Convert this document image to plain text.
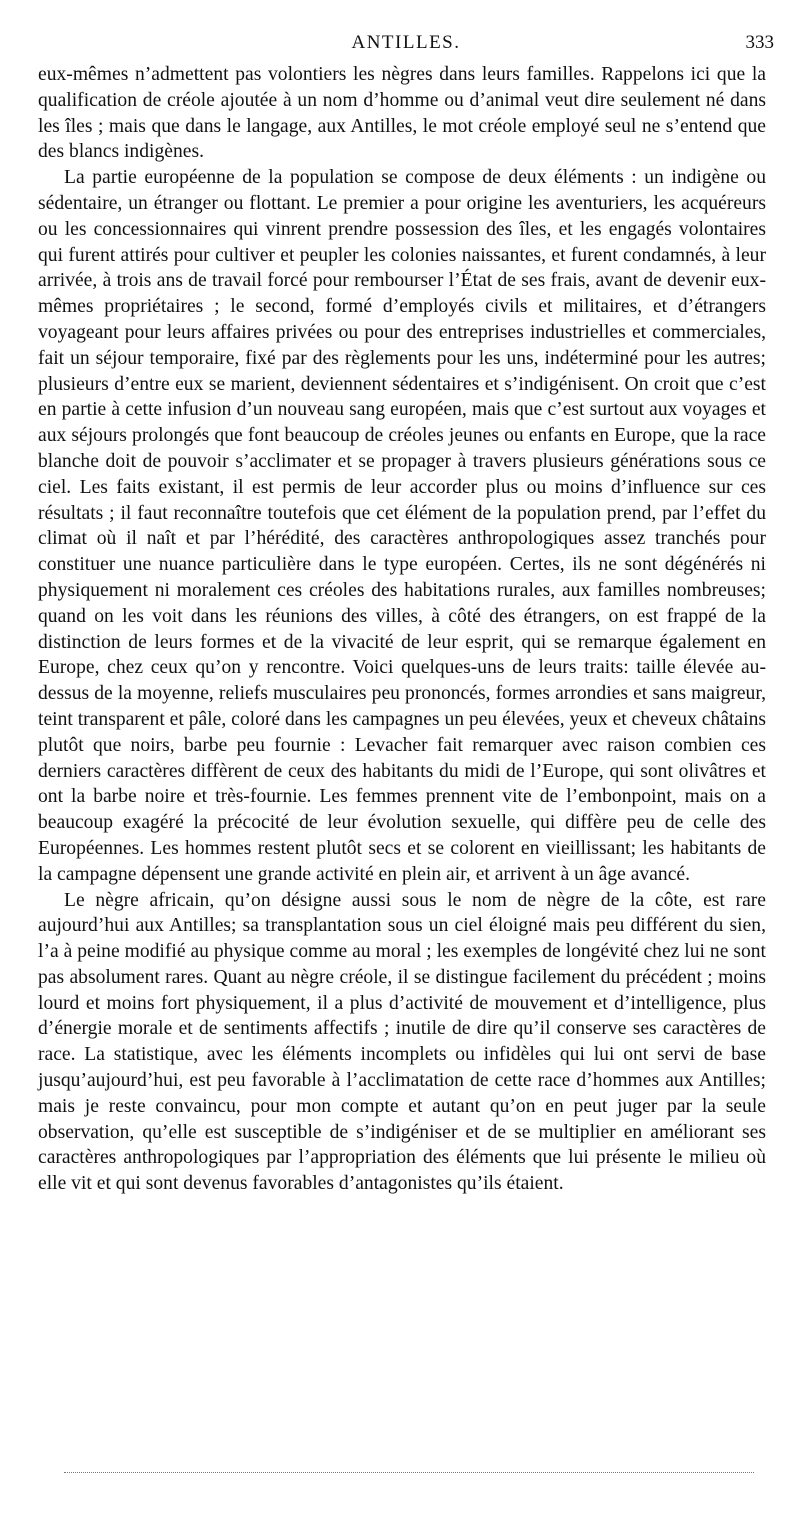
ANTILLES.	333

eux-mêmes n’admettent pas volontiers les nègres dans leurs familles. Rappelons ici que la qualification de créole ajoutée à un nom d’homme ou d’animal veut dire seulement né dans les îles ; mais que dans le langage, aux Antilles, le mot créole employé seul ne s’entend que des blancs indigènes.

La partie européenne de la population se compose de deux éléments : un indigène ou sédentaire, un étranger ou flottant. Le premier a pour origine les aventuriers, les acquéreurs ou les concessionnaires qui vinrent prendre possession des îles, et les engagés volontaires qui furent attirés pour cultiver et peupler les colonies naissantes, et furent condamnés, à leur arrivée, à trois ans de travail forcé pour rembourser l’État de ses frais, avant de devenir eux-mêmes propriétaires ; le second, formé d’employés civils et militaires, et d’étrangers voyageant pour leurs affaires privées ou pour des entreprises industrielles et commerciales, fait un séjour temporaire, fixé par des règlements pour les uns, indéterminé pour les autres; plusieurs d’entre eux se marient, deviennent sédentaires et s’indigénisent. On croit que c’est en partie à cette infusion d’un nouveau sang européen, mais que c’est surtout aux voyages et aux séjours prolongés que font beaucoup de créoles jeunes ou enfants en Europe, que la race blanche doit de pouvoir s’acclimater et se propager à travers plusieurs générations sous ce ciel. Les faits existant, il est permis de leur accorder plus ou moins d’influence sur ces résultats ; il faut reconnaître toutefois que cet élément de la population prend, par l’effet du climat où il naît et par l’hérédité, des caractères anthropologiques assez tranchés pour constituer une nuance particulière dans le type européen. Certes, ils ne sont dégénérés ni physiquement ni moralement ces créoles des habitations rurales, aux familles nombreuses; quand on les voit dans les réunions des villes, à côté des étrangers, on est frappé de la distinction de leurs formes et de la vivacité de leur esprit, qui se remarque également en Europe, chez ceux qu’on y rencontre. Voici quelques-uns de leurs traits: taille élevée au-dessus de la moyenne, reliefs musculaires peu prononcés, formes arrondies et sans maigreur, teint transparent et pâle, coloré dans les campagnes un peu élevées, yeux et cheveux châtains plutôt que noirs, barbe peu fournie : Levacher fait remarquer avec raison combien ces derniers caractères diffèrent de ceux des habitants du midi de l’Europe, qui sont olivâtres et ont la barbe noire et très-fournie. Les femmes prennent vite de l’embonpoint, mais on a beaucoup exagéré la précocité de leur évolution sexuelle, qui diffère peu de celle des Européennes. Les hommes restent plutôt secs et se colorent en vieillissant; les habitants de la campagne dépensent une grande activité en plein air, et arrivent à un âge avancé.

Le nègre africain, qu’on désigne aussi sous le nom de nègre de la côte, est rare aujourd’hui aux Antilles; sa transplantation sous un ciel éloigné mais peu différent du sien, l’a à peine modifié au physique comme au moral ; les exemples de longévité chez lui ne sont pas absolument rares. Quant au nègre créole, il se distingue facilement du précédent ; moins lourd et moins fort physiquement, il a plus d’activité de mouvement et d’intelligence, plus d’énergie morale et de sentiments affectifs ; inutile de dire qu’il conserve ses caractères de race. La statistique, avec les éléments incomplets ou infidèles qui lui ont servi de base jusqu’aujourd’hui, est peu favorable à l’acclimatation de cette race d’hommes aux Antilles; mais je reste convaincu, pour mon compte et autant qu’on en peut juger par la seule observation, qu’elle est susceptible de s’indigéniser et de se multiplier en améliorant ses caractères anthropologiques par l’appropriation des éléments que lui présente le milieu où elle vit et qui sont devenus favorables d’antagonistes qu’ils étaient.
